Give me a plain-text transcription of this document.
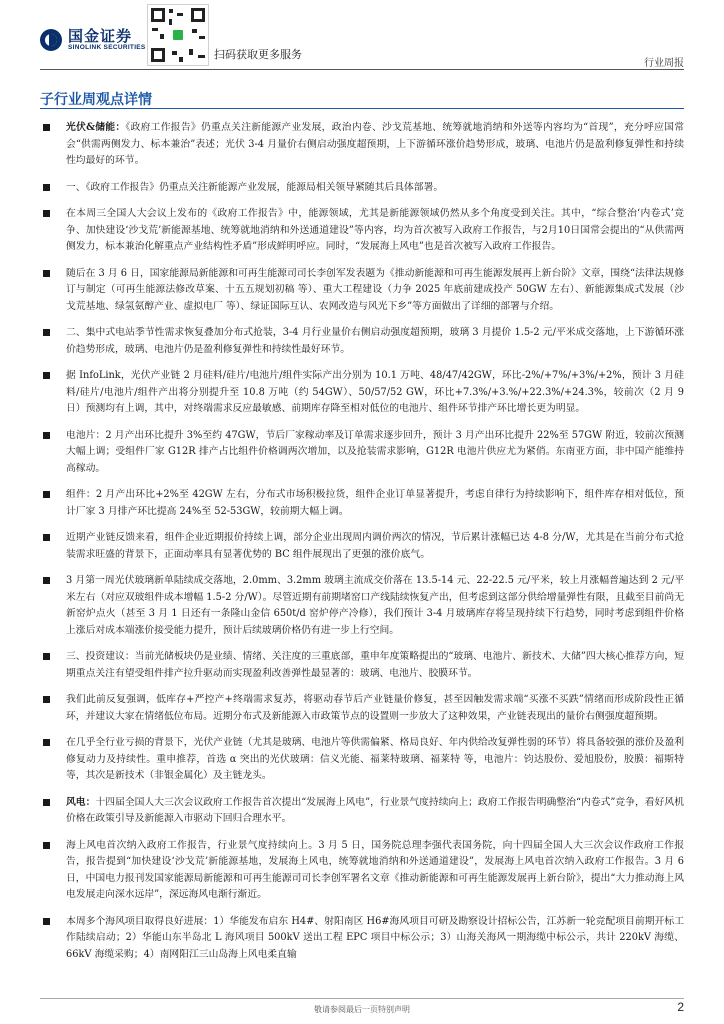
国金证券
SINOLINK SECURITIES
扫码获取更多服务
行业周报
子行业周观点详情

光伏&储能：《政府工作报告》仍重点关注新能源产业发展，政治内卷、沙戈荒基地、统筹就地消纳和外送等内容均为“首现”，充分呼应国常会“供需两侧发力、标本兼治”表述；光伏 3-4 月量价右侧启动强度超预期，上下游循环涨价趋势形成，玻璃、电池片仍是盈利修复弹性和持续性均最好的环节。

一、《政府工作报告》仍重点关注新能源产业发展，能源局相关领导紧随其后具体部署。

在本周三全国人大会议上发布的《政府工作报告》中，能源领域，尤其是新能源领域仍然从多个角度受到关注。其中，“综合整治‘内卷式’竞争、加快建设‘沙戈荒’新能源基地、统筹就地消纳和外送通道建设”等内容，均为首次被写入政府工作报告，与2月10日国常会提出的“从供需两侧发力，标本兼治化解重点产业结构性矛盾”形成鲜明呼应。同时，“发展海上风电”也是首次被写入政府工作报告。

随后在 3 月 6 日，国家能源局新能源和可再生能源司司长李创军发表题为《推动新能源和可再生能源发展再上新台阶》文章，围绕“法律法规修订与制定（可再生能源法修改草案、十五五规划初稿 等）、重大工程建设（力争 2025 年底前建成投产 50GW 左右）、新能源集成式发展（沙戈荒基地、绿氢氨醇产业、虚拟电厂 等）、绿证国际互认、农网改造与风光下乡”等方面做出了详细的部署与介绍。

二、集中式电站季节性需求恢复叠加分布式抢装，3-4 月行业量价右侧启动强度超预期，玻璃 3 月提价 1.5-2 元/平米成交落地，上下游循环涨价趋势形成，玻璃、电池片仍是盈利修复弹性和持续性最好环节。

据 InfoLink，光伏产业链 2 月硅料/硅片/电池片/组件实际产出分别为 10.1 万吨、48/47/42GW，环比-2%/+7%/+3%/+2%，预计 3 月硅料/硅片/电池片/组件产出将分别提升至 10.8 万吨（约 54GW）、50/57/52 GW，环比+7.3%/+3.%/+22.3%/+24.3%，较前次（2 月 9 日）预测均有上调，其中，对终端需求反应最敏感、前期库存降至相对低位的电池片、组件环节排产环比增长更为明显。

电池片：2 月产出环比提升 3%至约 47GW，节后厂家稼动率及订单需求逐步回升，预计 3 月产出环比提升 22%至 57GW 附近，较前次预测大幅上调；受组件厂家 G12R 排产占比组件价格调两次增加，以及抢装需求影响，G12R 电池片供应尤为紧俏。东南亚方面，非中国产能维持高稼动。

组件：2 月产出环比+2%至 42GW 左右，分布式市场积极拉货，组件企业订单显著提升，考虑自律行为持续影响下，组件库存相对低位，预计厂家 3 月排产环比提高 24%至 52-53GW，较前期大幅上调。

近期产业链反馈来看，组件企业近期报价持续上调，部分企业出现周内调价两次的情况，节后累计涨幅已达 4-8 分/W，尤其是在当前分布式抢装需求旺盛的背景下，正面动率具有显著优势的 BC 组件展现出了更强的涨价底气。

3 月第一周光伏玻璃新单陆续成交落地，2.0mm、3.2mm 玻璃主流成交价落在 13.5-14 元、22-22.5 元/平米，较上月涨幅普遍达到 2 元/平米左右（对应双玻组件成本增幅 1.5-2 分/W）。尽管近期有前期堵窑口产线陆续恢复产出，但考虑到这部分供给增量弹性有限，且截至目前尚无新窑炉点火（甚至 3 月 1 日还有一条隆山金信 650t/d 窑炉停产冷修），我们预计 3-4 月玻璃库存将呈现持续下行趋势，同时考虑到组件价格上涨后对成本端涨价接受能力提升，预计后续玻璃价格仍有进一步上行空间。

三、投资建议：当前光储板块仍是业绩、情绪、关注度的三重底部，重申年度策略提出的“玻璃、电池片、新技术、大储”四大核心推荐方向，短期重点关注有望受组件排产拉升驱动而实现盈利改善弹性最显著的：玻璃、电池片、胶膜环节。

我们此前反复强调，低库存+严控产+终端需求复苏，将驱动春节后产业链量价修复，甚至因触发需求端“买涨不买跌”情绪而形成阶段性正循环，并建议大家在情绪低位布局。近期分布式及新能源入市政策节点的设置则一步放大了这种效果，产业链表现出的量价右侧强度超预期。

在几乎全行业亏损的背景下，光伏产业链（尤其是玻璃、电池片等供需偏紧、格局良好、年内供给改复弹性弱的环节）将具备较强的涨价及盈利修复动力及持续性。重申推荐，首选 α 突出的光伏玻璃：信义光能、福莱特玻璃、福莱特 等，电池片：钧达股份、爱旭股份，胶膜：福斯特 等，其次是新技术（非银金属化）及主链龙头。

风电：十四届全国人大三次会议政府工作报告首次提出“发展海上风电”，行业景气度持续向上；政府工作报告明确整治“内卷式”竞争，看好风机价格在政策引导及新能源入市驱动下回归合理水平。

海上风电首次纳入政府工作报告，行业景气度持续向上。3 月 5 日，国务院总理李强代表国务院，向十四届全国人大三次会议作政府工作报告，报告提到“加快建设‘沙戈荒’新能源基地，发展海上风电，统筹就地消纳和外送通道建设”，发展海上风电首次纳入政府工作报告。3 月 6 日，中国电力报刊发国家能源局新能源和可再生能源司司长李创军署名文章《推动新能源和可再生能源发展再上新台阶》，提出“大力推动海上风电发展走向深水远岸”，深远海风电渐行渐近。

本周多个海风项目取得良好进展：1）华能发布启东 H4#、射阳南区 H6#海风项目可研及勘察设计招标公告，江苏新一轮竞配项目前期开标工作陆续启动；2）华能山东半岛北 L 海风项目 500kV 送出工程 EPC 项目中标公示；3）山海关海风一期海缆中标公示，共计 220kV 海缆、66kV 海缆采购；4）南网阳江三山岛海上风电柔直输

敬请参阅最后一页特别声明	2
